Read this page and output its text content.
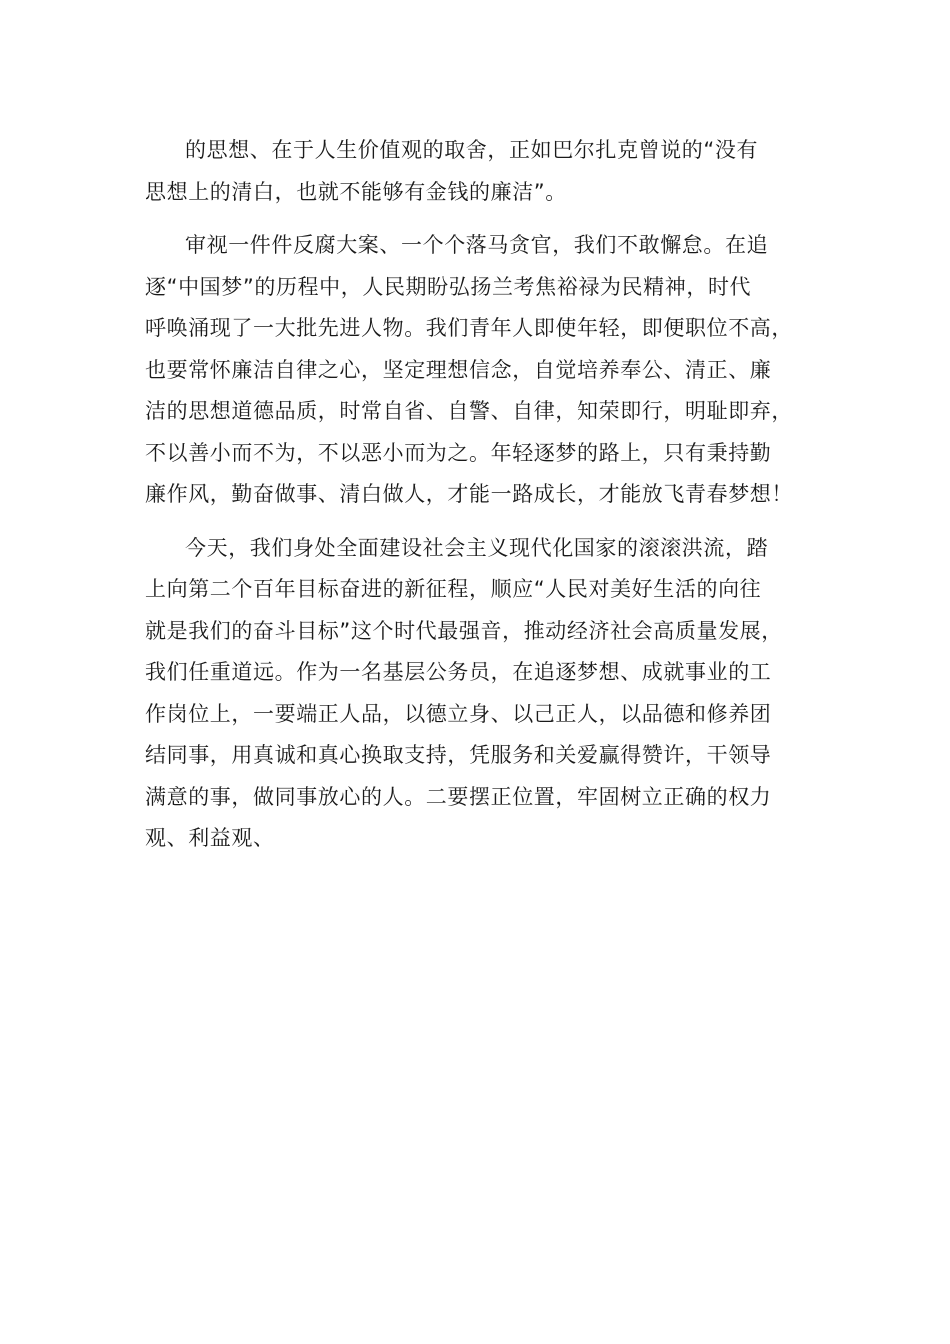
的思想、在于人生价值观的取舍，正如巴尔扎克曾说的“没有
思想上的清白，也就不能够有金钱的廉洁”。
审视一件件反腐大案、一个个落马贪官，我们不敢懈怠。在追
逐“中国梦”的历程中，人民期盼弘扬兰考焦裕禄为民精神，时代
呼唤涌现了一大批先进人物。我们青年人即使年轻，即便职位不高，
也要常怀廉洁自律之心，坚定理想信念，自觉培养奉公、清正、廉
洁的思想道德品质，时常自省、自警、自律，知荣即行，明耻即弃，
不以善小而不为，不以恶小而为之。年轻逐梦的路上，只有秉持勤
廉作风，勤奋做事、清白做人，才能一路成长，才能放飞青春梦想！
今天，我们身处全面建设社会主义现代化国家的滚滚洪流，踏
上向第二个百年目标奋进的新征程，顺应“人民对美好生活的向往
就是我们的奋斗目标”这个时代最强音，推动经济社会高质量发展，
我们任重道远。作为一名基层公务员，在追逐梦想、成就事业的工
作岗位上，一要端正人品，以德立身、以己正人，以品德和修养团
结同事，用真诚和真心换取支持，凭服务和关爱赢得赞许，干领导
满意的事，做同事放心的人。二要摆正位置，牢固树立正确的权力
观、利益观、
